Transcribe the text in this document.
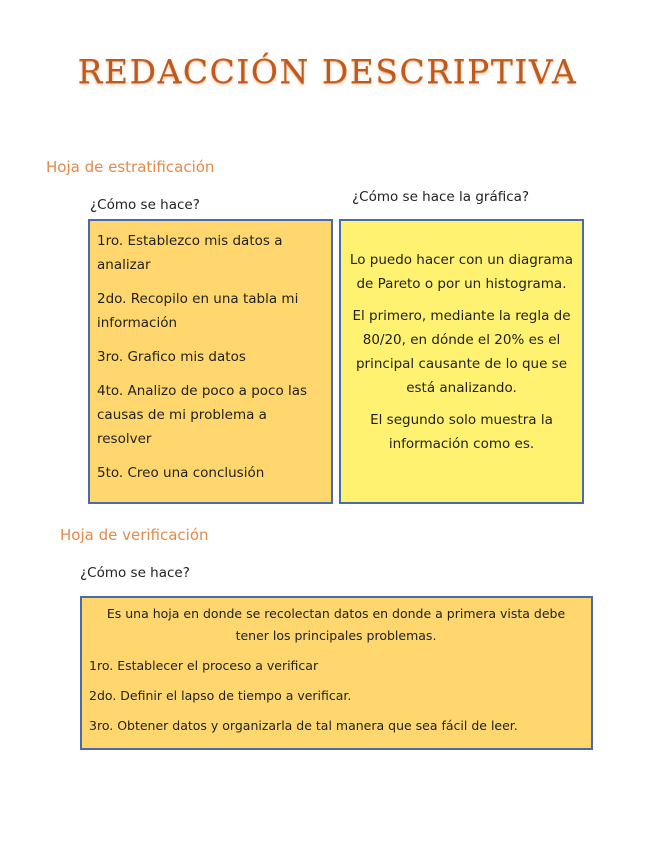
REDACCIÓN DESCRIPTIVA
Hoja de estratificación
¿Cómo se hace?	¿Cómo se hace la gráfica?

1ro. Establezco mis datos a analizar

2do. Recopilo en una tabla mi información

3ro. Grafico mis datos

4to. Analizo de poco a poco las causas de mi problema a resolver

5to. Creo una conclusión

Lo puedo hacer con un diagrama de Pareto o por un histograma.

El primero, mediante la regla de 80/20, en dónde el 20% es el principal causante de lo que se está analizando.

El segundo solo muestra la información como es.

Hoja de verificación
¿Cómo se hace?

Es una hoja en donde se recolectan datos en donde a primera vista debe tener los principales problemas.

1ro. Establecer el proceso a verificar

2do. Definir el lapso de tiempo a verificar.

3ro. Obtener datos y organizarla de tal manera que sea fácil de leer.
